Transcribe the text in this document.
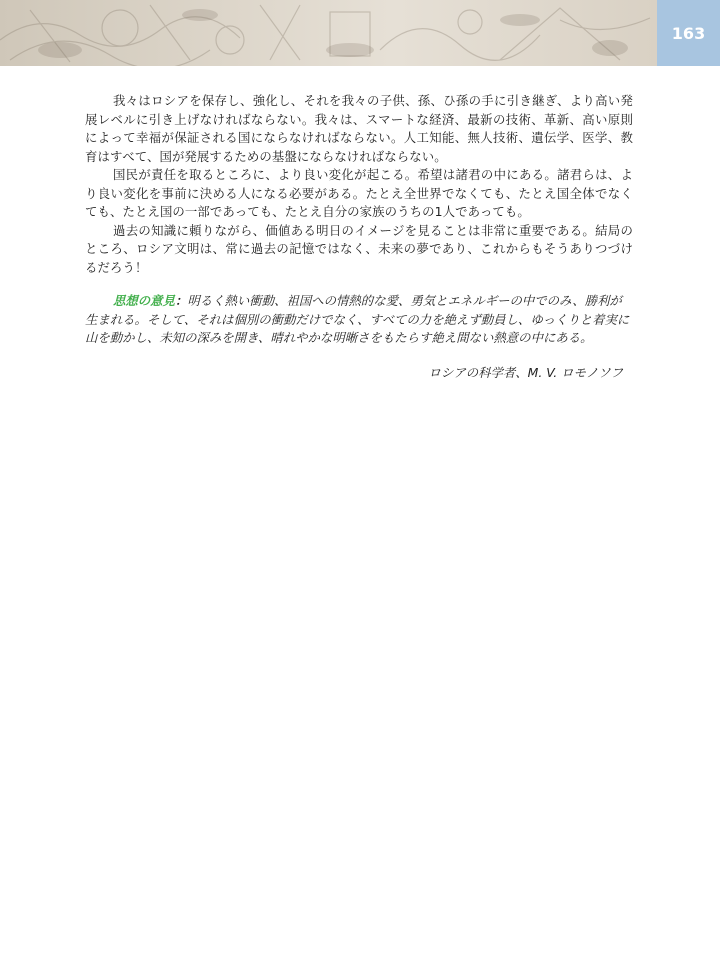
163

我々はロシアを保存し、強化し、それを我々の子供、孫、ひ孫の手に引き継ぎ、より高い発展レベルに引き上げなければならない。我々は、スマートな経済、最新の技術、革新、高い原則によって幸福が保証される国にならなければならない。人工知能、無人技術、遺伝学、医学、教育はすべて、国が発展するための基盤にならなければならない。

国民が責任を取るところに、より良い変化が起こる。希望は諸君の中にある。諸君らは、より良い変化を事前に決める人になる必要がある。たとえ全世界でなくても、たとえ国全体でなくても、たとえ国の一部であっても、たとえ自分の家族のうちの1人であっても。

過去の知識に頼りながら、価値ある明日のイメージを見ることは非常に重要である。結局のところ、ロシア文明は、常に過去の記憶ではなく、未来の夢であり、これからもそうありつづけるだろう！

思想の意見：明るく熱い衝動、祖国への情熱的な愛、勇気とエネルギーの中でのみ、勝利が生まれる。そして、それは個別の衝動だけでなく、すべての力を絶えず動員し、ゆっくりと着実に山を動かし、未知の深みを開き、晴れやかな明晰さをもたらす絶え間ない熱意の中にある。

ロシアの科学者、M. V. ロモノソフ
